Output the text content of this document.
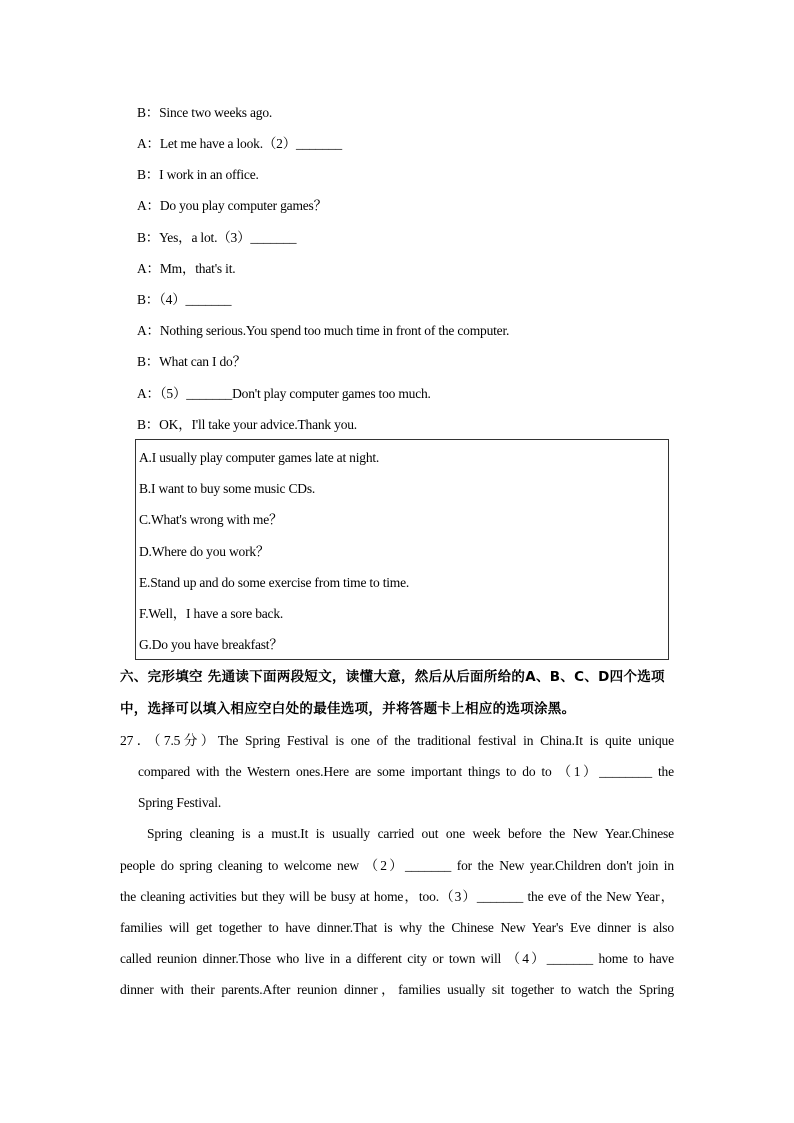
B：Since two weeks ago.
A：Let me have a look.（2）_______
B：I work in an office.
A：Do you play computer games？
B：Yes，a lot.（3）_______
A：Mm，that's it.
B：（4）_______
A：Nothing serious.You spend too much time in front of the computer.
B：What can I do？
A：（5）_______Don't play computer games too much.
B：OK，I'll take your advice.Thank you.
A.I usually play computer games late at night.
B.I want to buy some music CDs.
C.What's wrong with me？
D.Where do you work？
E.Stand up and do some exercise from time to time.
F.Well，I have a sore back.
G.Do you have breakfast？
六、完形填空 先通读下面两段短文，读懂大意，然后从后面所给的A、B、C、D四个选项
中，选择可以填入相应空白处的最佳选项，并将答题卡上相应的选项涂黑。
27．（7.5分）The Spring Festival is one of the traditional festival in China.It is quite unique
compared with the Western ones.Here are some important things to do to （1）________ the
Spring Festival.
Spring cleaning is a must.It is usually carried out one week before the New Year.Chinese
people do spring cleaning to welcome new （2）_______ for the New year.Children don't join in
the cleaning activities but they will be busy at home，too.（3）_______ the eve of the New Year，
families will get together to have dinner.That is why the Chinese New Year's Eve dinner is also
called reunion dinner.Those who live in a different city or town will （4）_______ home to have
dinner with their parents.After reunion dinner，families usually sit together to watch the Spring
